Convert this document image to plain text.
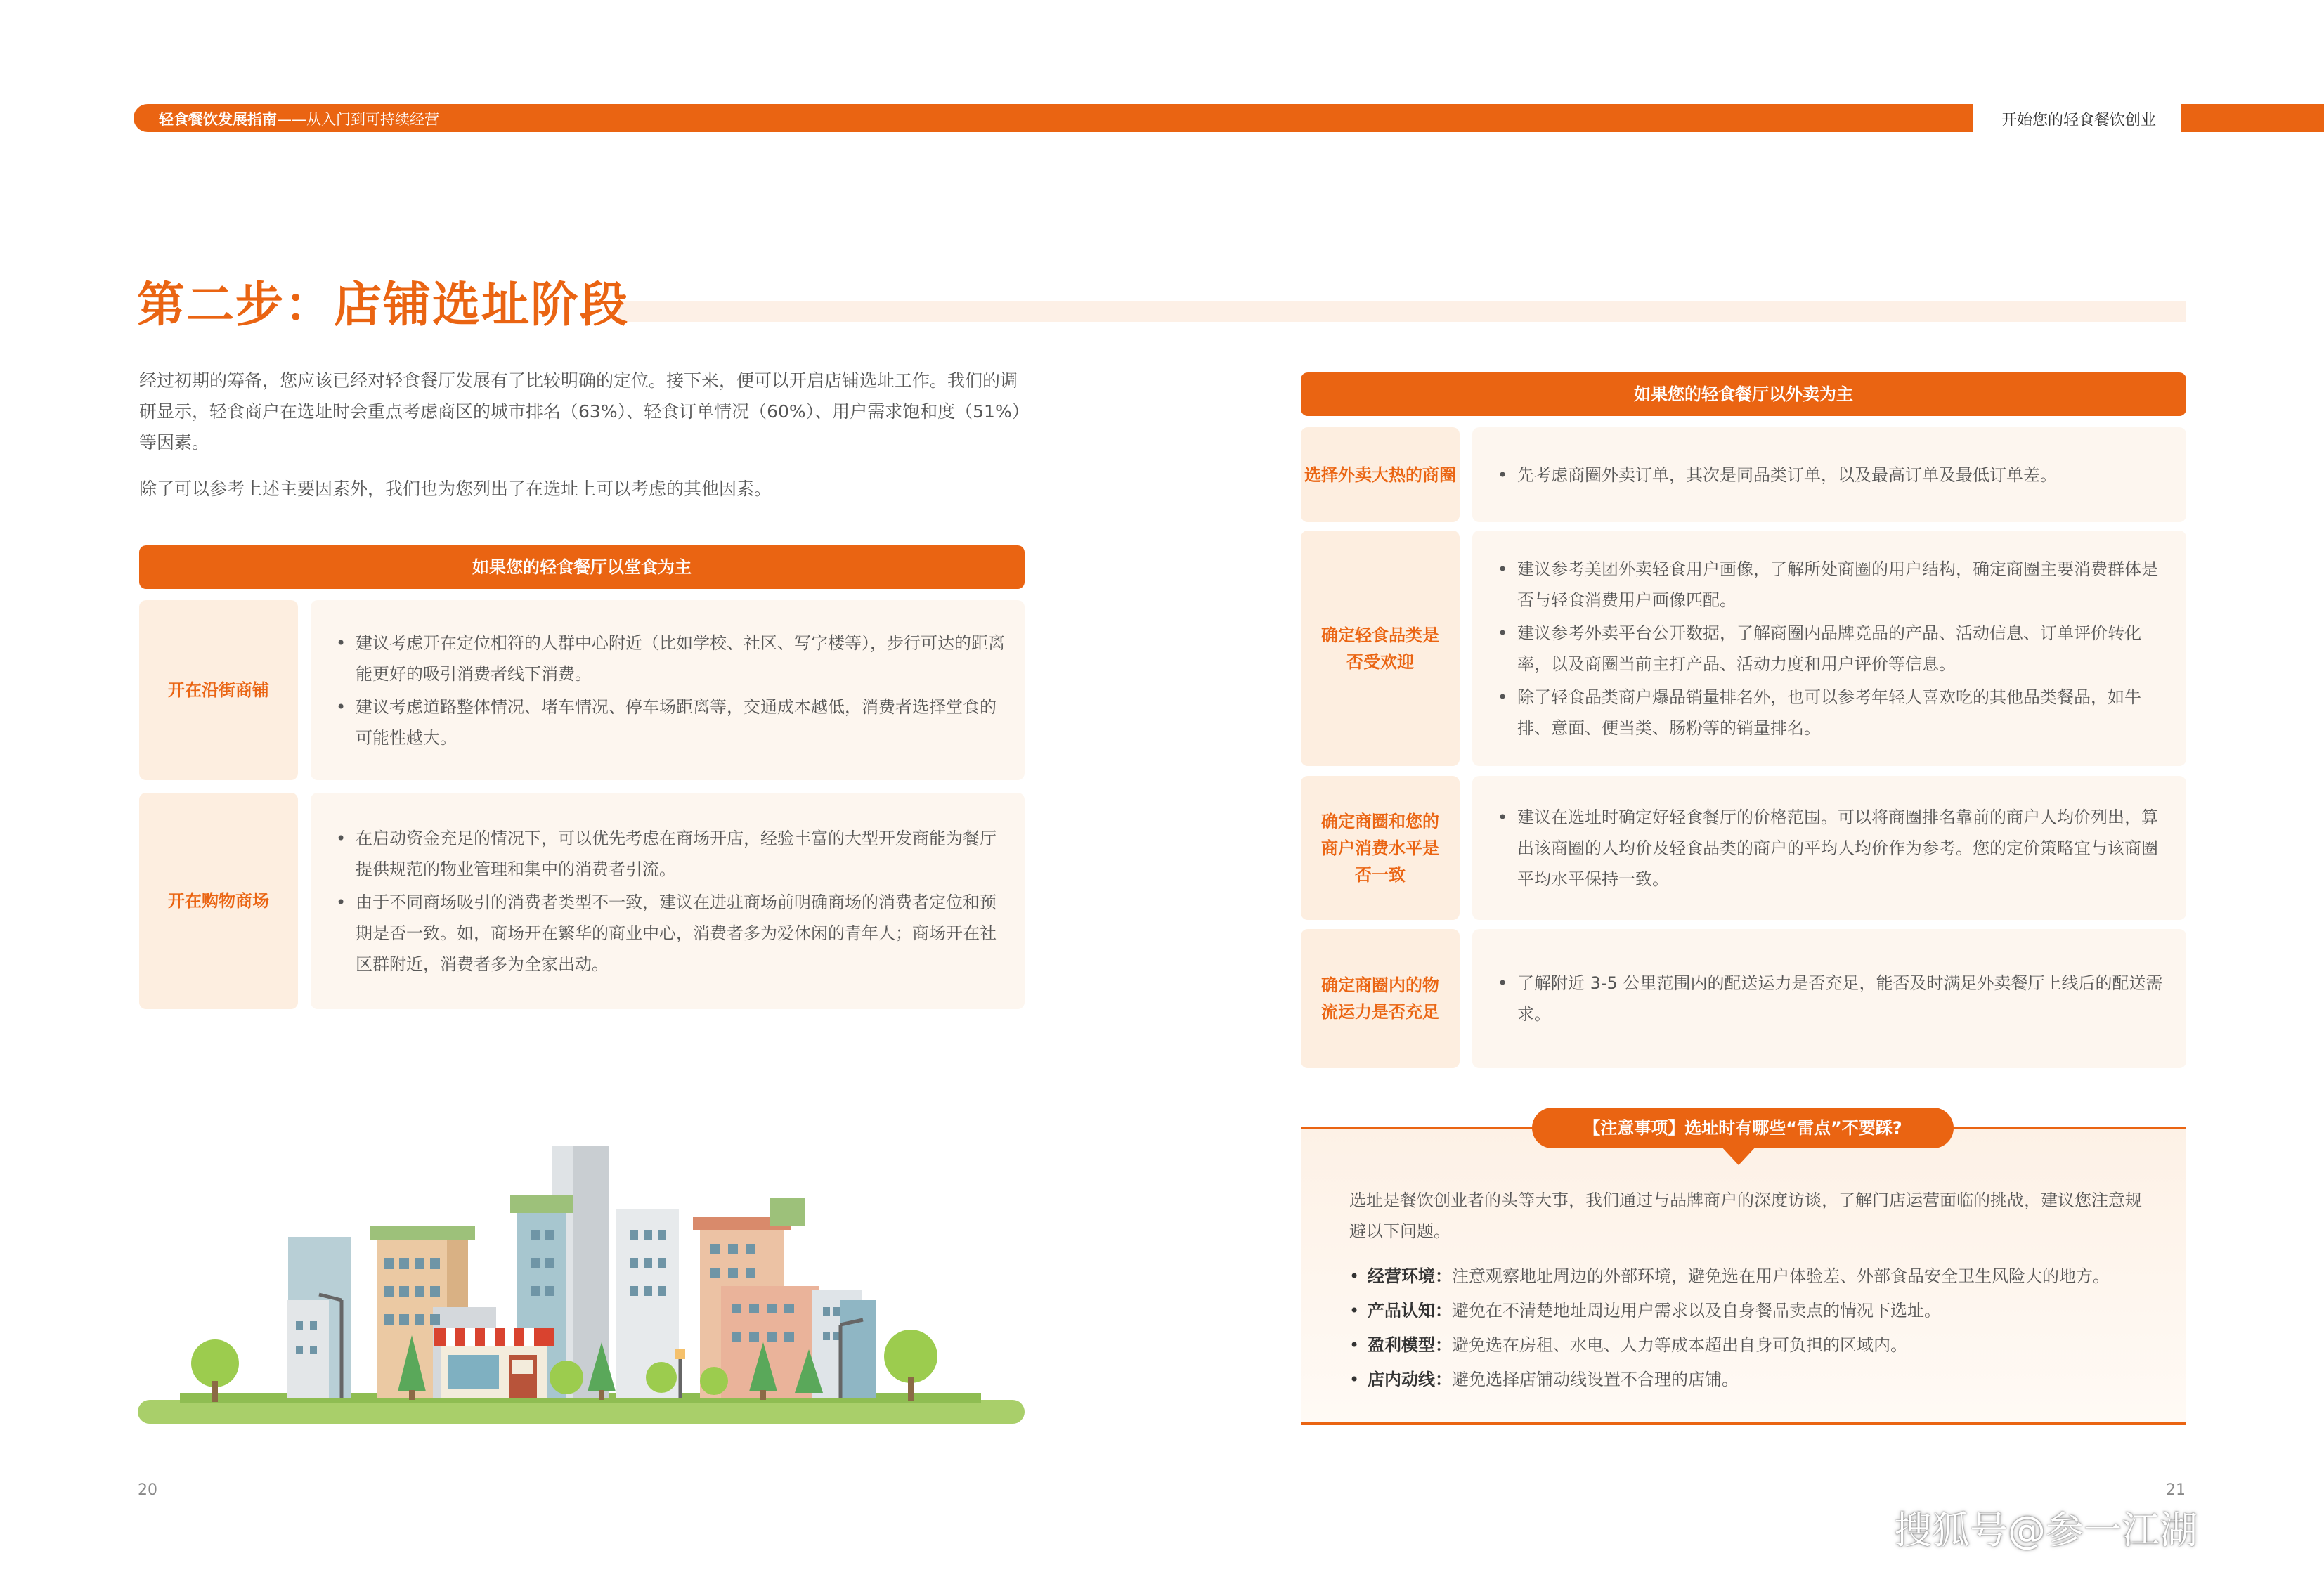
轻食餐饮发展指南——从入门到可持续经营	开始您的轻食餐饮创业
第二步：店铺选址阶段

经过初期的筹备，您应该已经对轻食餐厅发展有了比较明确的定位。接下来，便可以开启店铺选址工作。我们的调研显示，轻食商户在选址时会重点考虑商区的城市排名（63%）、轻食订单情况（60%）、用户需求饱和度（51%）等因素。

除了可以参考上述主要因素外，我们也为您列出了在选址上可以考虑的其他因素。

如果您的轻食餐厅以堂食为主
开在沿街商铺
• 建议考虑开在定位相符的人群中心附近（比如学校、社区、写字楼等），步行可达的距离能更好的吸引消费者线下消费。
• 建议考虑道路整体情况、堵车情况、停车场距离等，交通成本越低，消费者选择堂食的可能性越大。
开在购物商场
• 在启动资金充足的情况下，可以优先考虑在商场开店，经验丰富的大型开发商能为餐厅提供规范的物业管理和集中的消费者引流。
• 由于不同商场吸引的消费者类型不一致，建议在进驻商场前明确商场的消费者定位和预期是否一致。如，商场开在繁华的商业中心，消费者多为爱休闲的青年人；商场开在社区群附近，消费者多为全家出动。
如果您的轻食餐厅以外卖为主
选择外卖大热的商圈
•	先考虑商圈外卖订单，其次是同品类订单，以及最高订单及最低订单差。
确定轻食品类是否受欢迎
• 建议参考美团外卖轻食用户画像，了解所处商圈的用户结构，确定商圈主要消费群体是否与轻食消费用户画像匹配。
• 建议参考外卖平台公开数据，了解商圈内品牌竞品的产品、活动信息、订单评价转化率，以及商圈当前主打产品、活动力度和用户评价等信息。
• 除了轻食品类商户爆品销量排名外，也可以参考年轻人喜欢吃的其他品类餐品，如牛排、意面、便当类、肠粉等的销量排名。
确定商圈和您的商户消费水平是否一致
• 建议在选址时确定好轻食餐厅的价格范围。可以将商圈排名靠前的商户人均价列出，算出该商圈的人均价及轻食品类的商户的平均人均价作为参考。您的定价策略宜与该商圈平均水平保持一致。
确定商圈内的物流运力是否充足
• 了解附近 3-5 公里范围内的配送运力是否充足，能否及时满足外卖餐厅上线后的配送需求。
【注意事项】选址时有哪些“雷点”不要踩?
选址是餐饮创业者的头等大事，我们通过与品牌商户的深度访谈，了解门店运营面临的挑战，建议您注意规避以下问题。
• 经营环境：注意观察地址周边的外部环境，避免选在用户体验差、外部食品安全卫生风险大的地方。
• 产品认知：避免在不清楚地址周边用户需求以及自身餐品卖点的情况下选址。
• 盈利模型：避免选在房租、水电、人力等成本超出自身可负担的区域内。
• 店内动线：避免选择店铺动线设置不合理的店铺。
20	21
搜狐号@参一江湖
